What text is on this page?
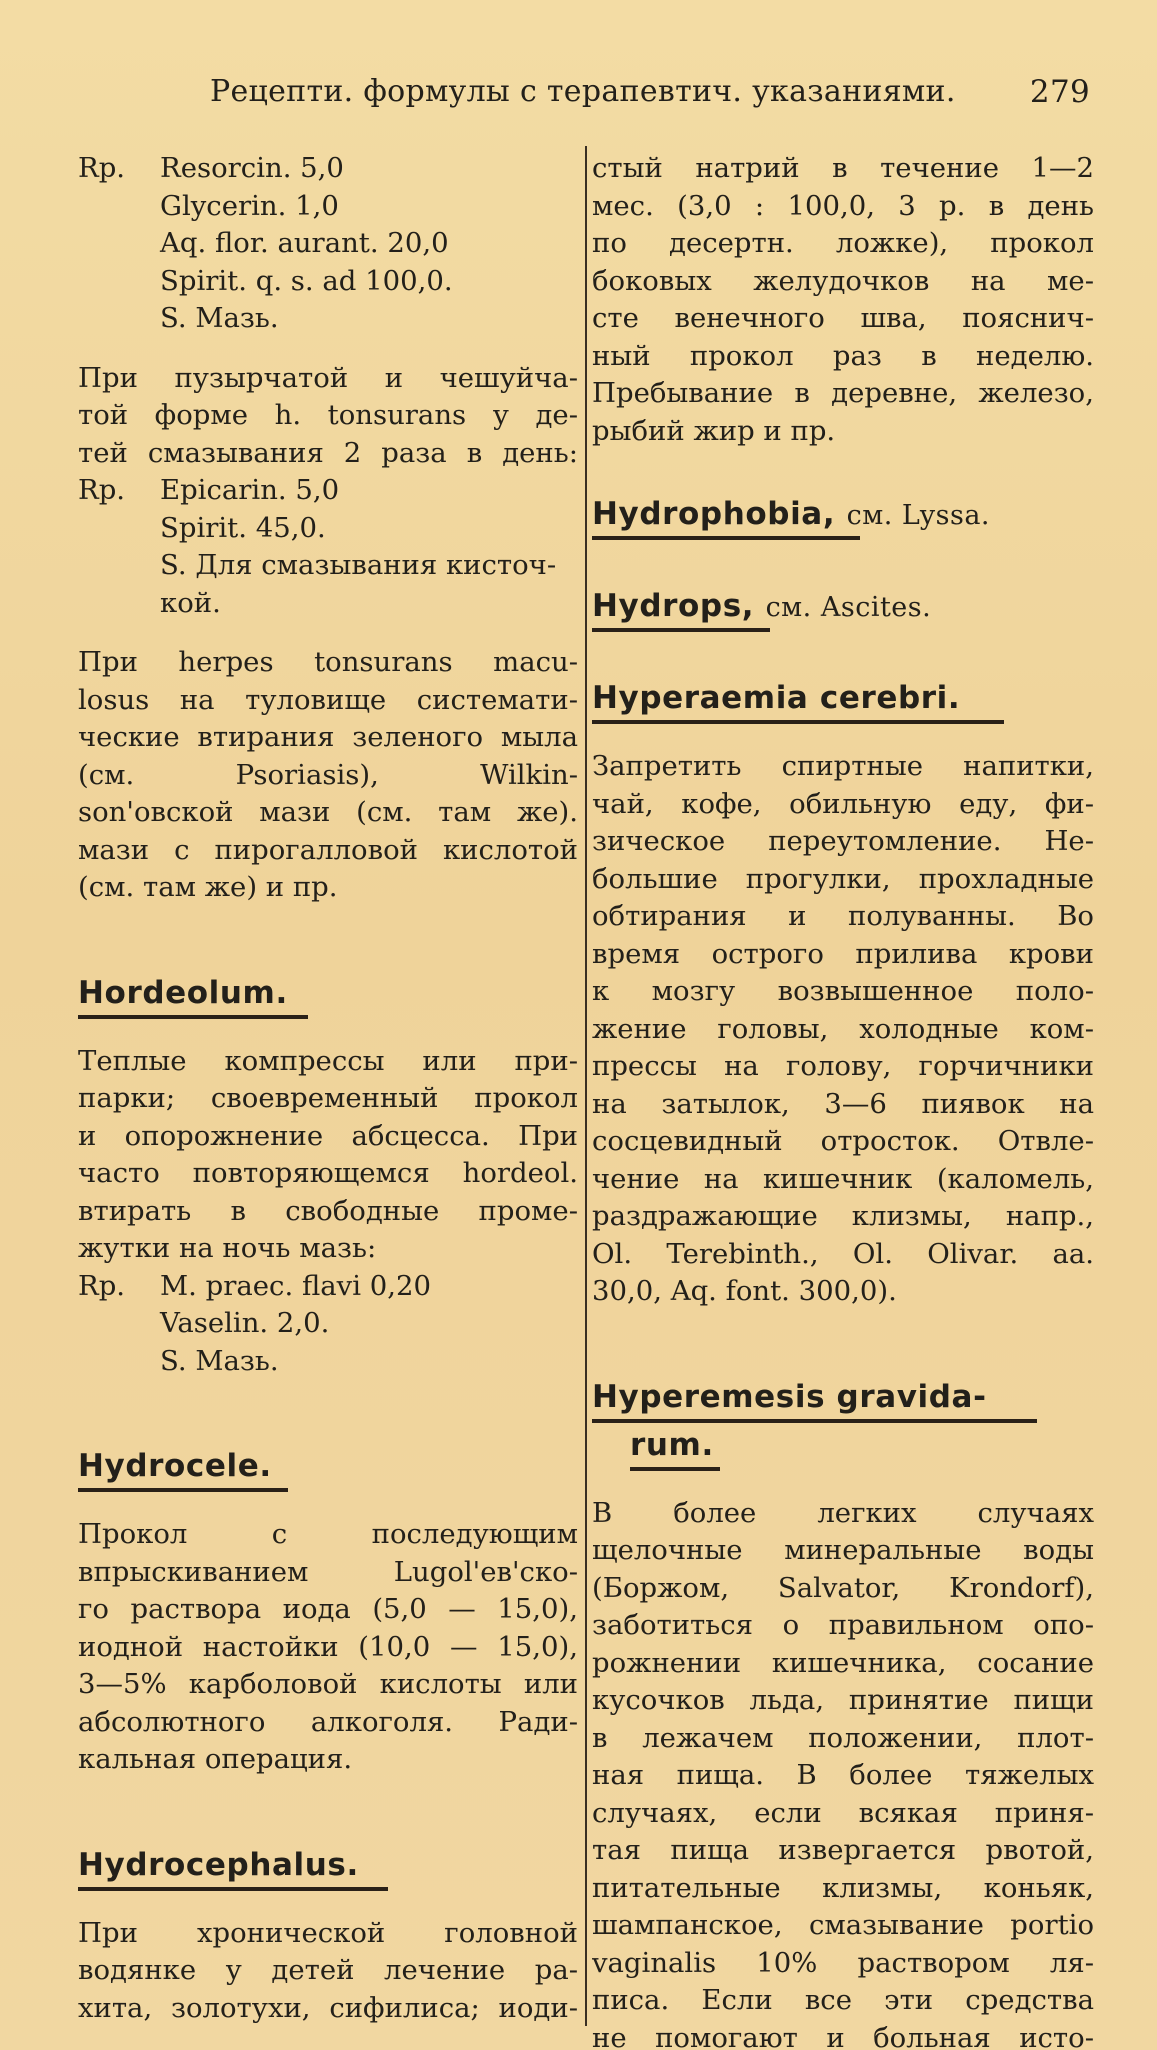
Рецепти. формулы с терапевтич. указаниями. 279
Rp. Resorcin. 5,0
Glycerin. 1,0
Aq. flor. aurant. 20,0
Spirit. q. s. ad 100,0.
S. Мазь.
При пузырчатой и чешуйча-
той форме h. tonsurans у де-
тей смазывания 2 раза в день:
Rp. Epicarin. 5,0
Spirit. 45,0.
S. Для смазывания кисточ-
кой.
При herpes tonsurans macu-
losus на туловище системати-
ческие втирания зеленого мыла
(см. Psoriasis), Wilkin-
son'овской мази (см. там же).
мази с пирогалловой кислотой
(см. там же) и пр.
Hordeolum.
Теплые компрессы или при-
парки; своевременный прокол
и опорожнение абсцесса. При
часто повторяющемся hordeol.
втирать в свободные проме-
жутки на ночь мазь:
Rp. M. praec. flavi 0,20
Vaselin. 2,0.
S. Мазь.
Hydrocele.
Прокол с последующим
впрыскиванием Lugol'ев'ско-
го раствора иода (5,0 — 15,0),
иодной настойки (10,0 — 15,0),
3—5% карболовой кислоты или
абсолютного алкоголя. Ради-
кальная операция.
Hydrocephalus.
При хронической головной
водянке у детей лечение ра-
хита, золотухи, сифилиса; иоди-
стый натрий в течение 1—2
мес. (3,0 : 100,0, 3 р. в день
по десертн. ложке), прокол
боковых желудочков на ме-
сте венечного шва, пояснич-
ный прокол раз в неделю.
Пребывание в деревне, железо,
рыбий жир и пр.
Hydrophobia, см. Lyssa.
Hydrops, см. Ascites.
Hyperaemia cerebri.
Запретить спиртные напитки,
чай, кофе, обильную еду, фи-
зическое переутомление. Не-
большие прогулки, прохладные
обтирания и полуванны. Во
время острого прилива крови
к мозгу возвышенное поло-
жение головы, холодные ком-
прессы на голову, горчичники
на затылок, 3—6 пиявок на
сосцевидный отросток. Отвле-
чение на кишечник (каломель,
раздражающие клизмы, напр.,
Ol. Terebinth., Ol. Olivar. aa.
30,0, Aq. font. 300,0).
Hyperemesis gravida-
rum.
В более легких случаях
щелочные минеральные воды
(Боржом, Salvator, Krondorf),
заботиться о правильном опо-
рожнении кишечника, сосание
кусочков льда, принятие пищи
в лежачем положении, плот-
ная пища. В более тяжелых
случаях, если всякая приня-
тая пища извергается рвотой,
питательные клизмы, коньяк,
шампанское, смазывание portio
vaginalis 10% раствором ля-
писа. Если все эти средства
не помогают и больная исто-
